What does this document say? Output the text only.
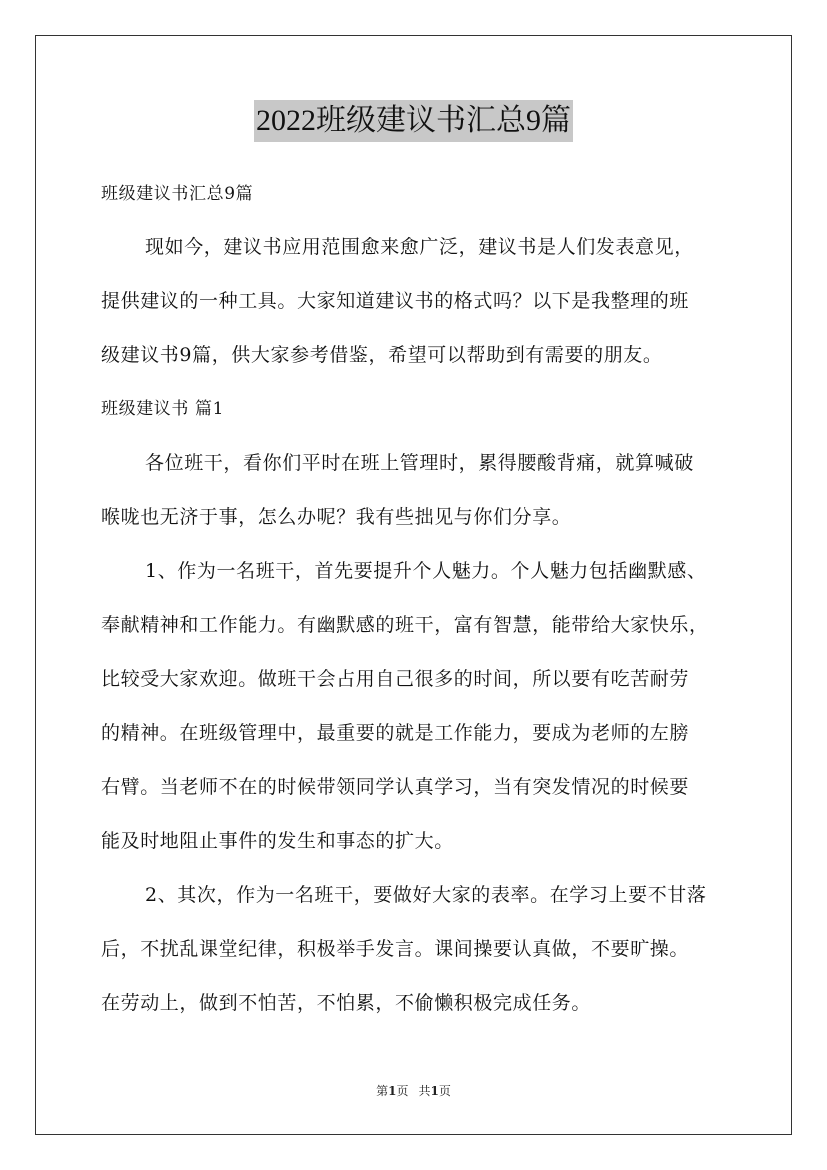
2022班级建议书汇总9篇
班级建议书汇总9篇
现如今，建议书应用范围愈来愈广泛，建议书是人们发表意见，
提供建议的一种工具。大家知道建议书的格式吗？以下是我整理的班
级建议书9篇，供大家参考借鉴，希望可以帮助到有需要的朋友。
班级建议书 篇1
各位班干，看你们平时在班上管理时，累得腰酸背痛，就算喊破
喉咙也无济于事，怎么办呢？我有些拙见与你们分享。
1、作为一名班干，首先要提升个人魅力。个人魅力包括幽默感、
奉献精神和工作能力。有幽默感的班干，富有智慧，能带给大家快乐，
比较受大家欢迎。做班干会占用自己很多的时间，所以要有吃苦耐劳
的精神。在班级管理中，最重要的就是工作能力，要成为老师的左膀
右臂。当老师不在的时候带领同学认真学习，当有突发情况的时候要
能及时地阻止事件的发生和事态的扩大。
2、其次，作为一名班干，要做好大家的表率。在学习上要不甘落
后，不扰乱课堂纪律，积极举手发言。课间操要认真做，不要旷操。
在劳动上，做到不怕苦，不怕累，不偷懒积极完成任务。
第1页 共1页
